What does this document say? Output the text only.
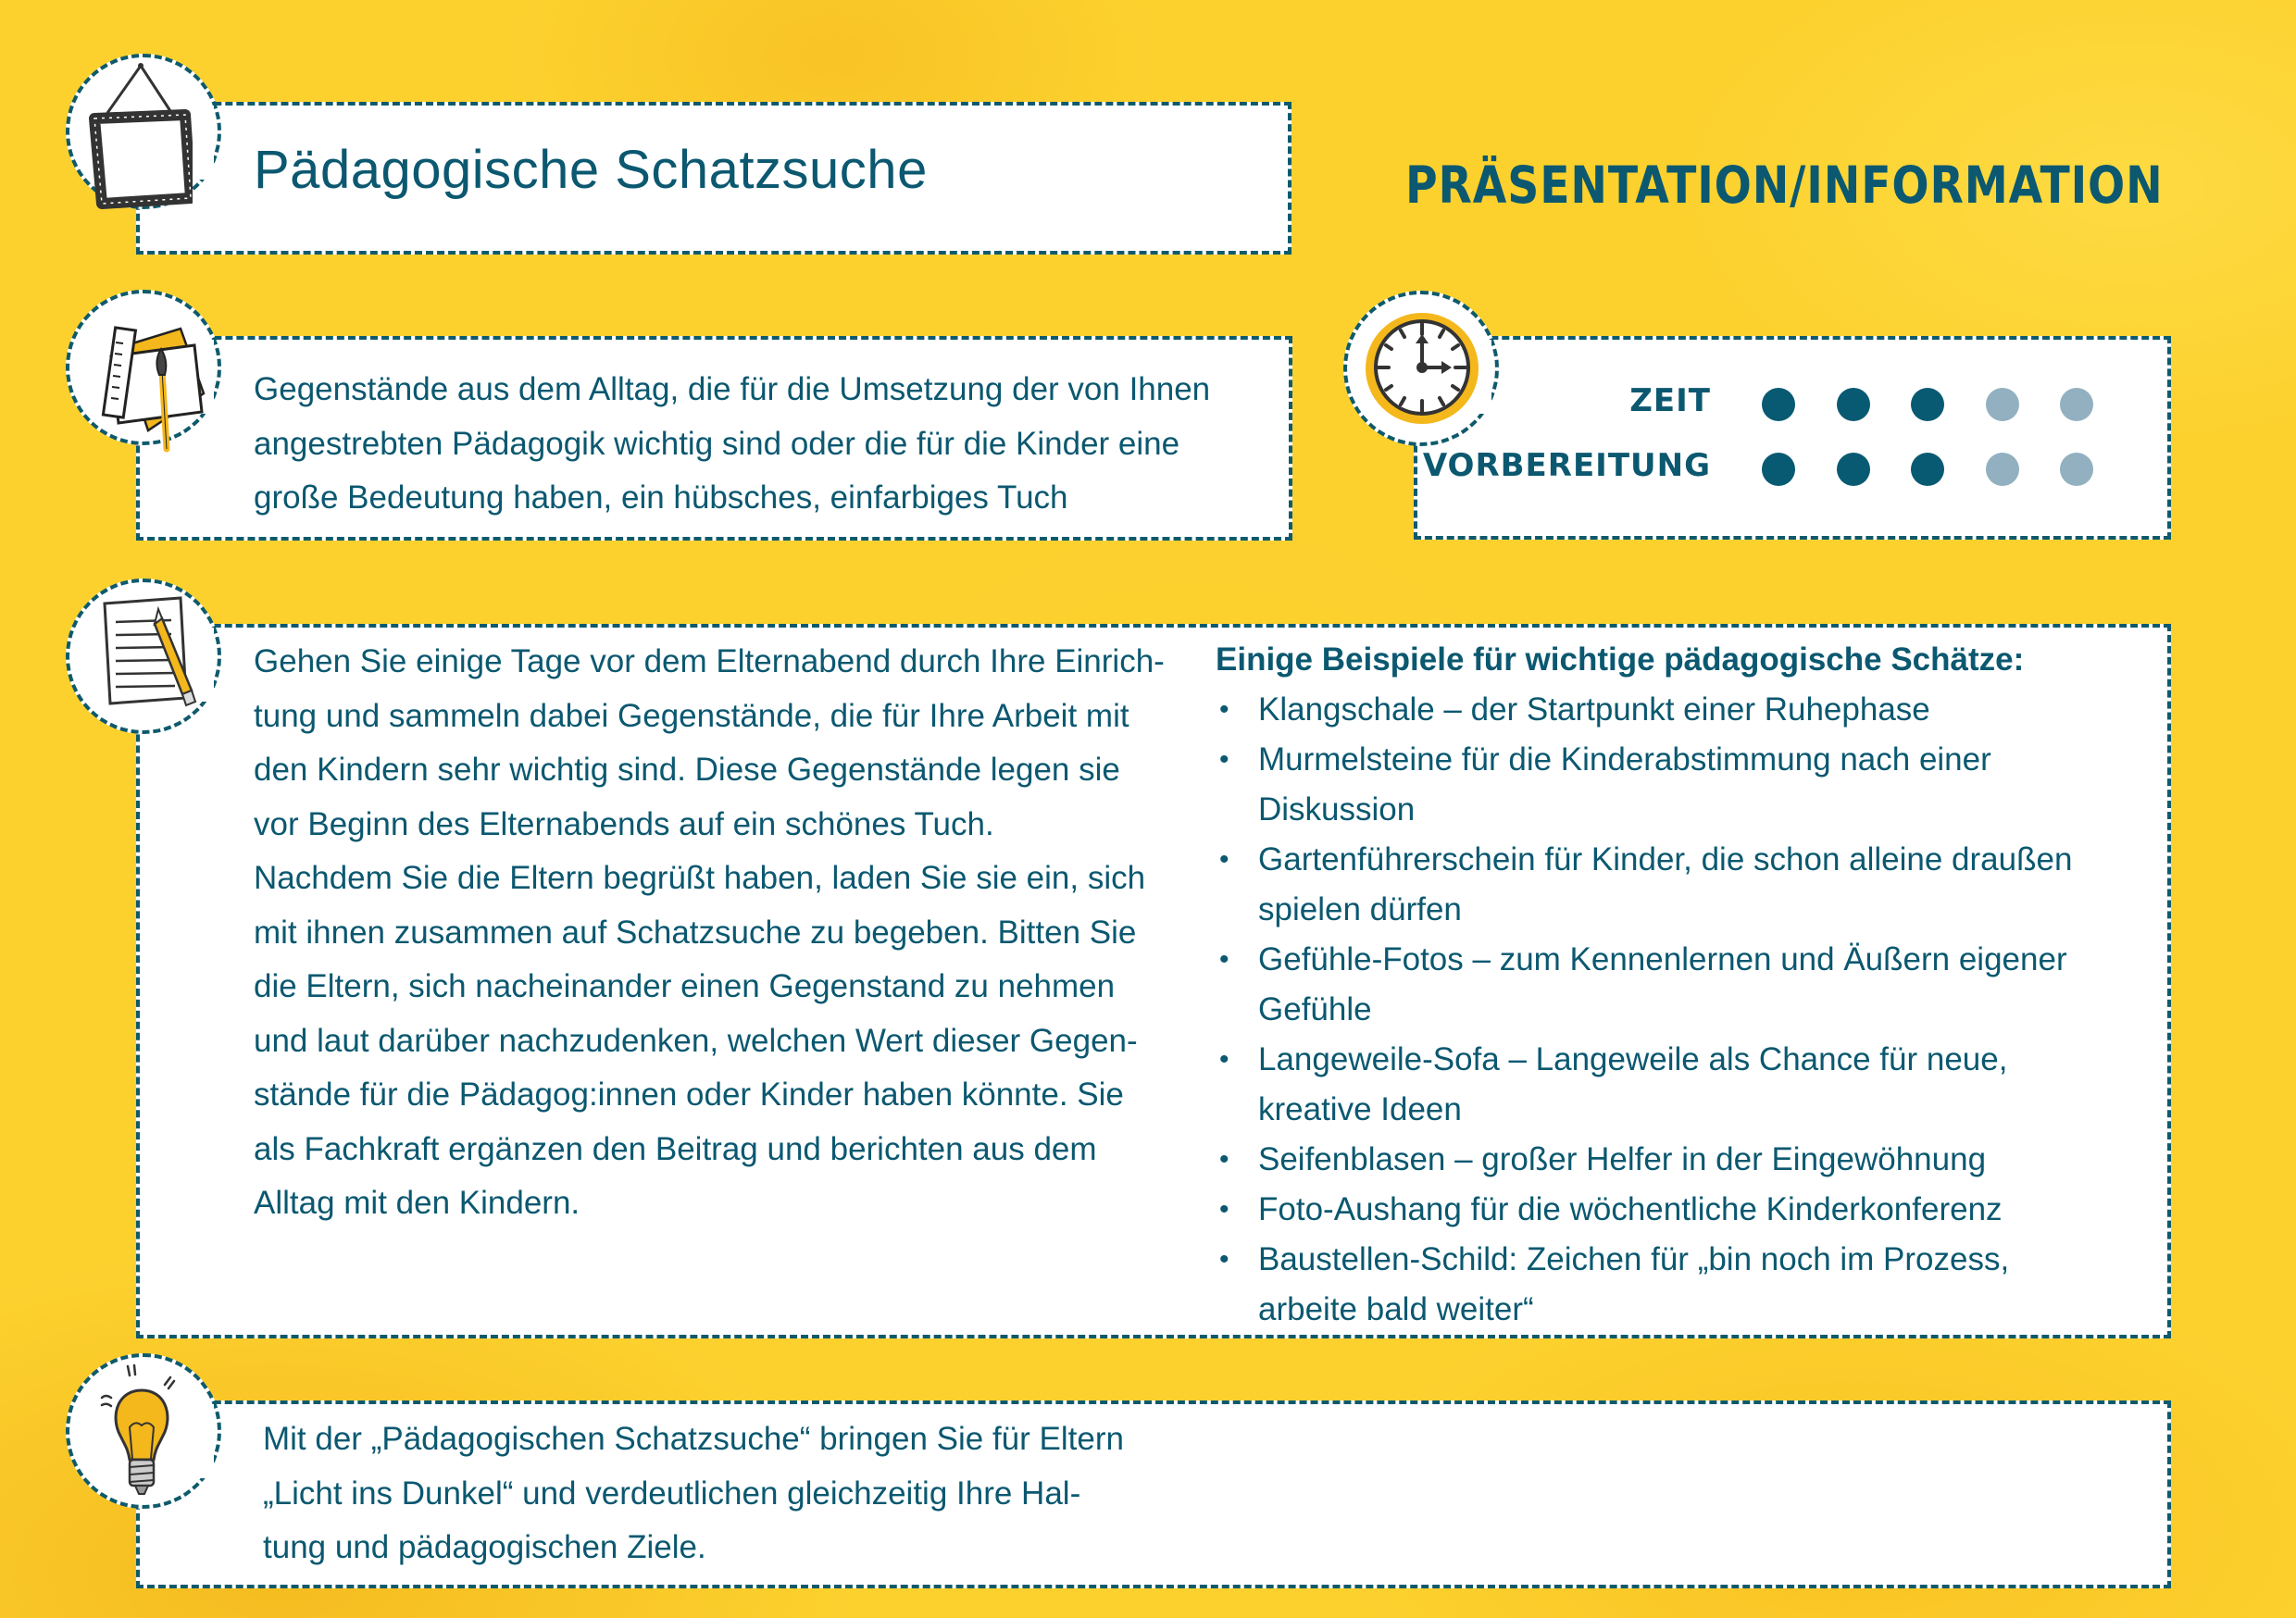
Pädagogische Schatzsuche	PRÄSENTATION/INFORMATION
Gegenstände aus dem Alltag, die für die Umsetzung der von Ihnen
angestrebten Pädagogik wichtig sind oder die für die Kinder eine
große Bedeutung haben, ein hübsches, einfarbiges Tuch
ZEIT
VORBEREITUNG
Gehen Sie einige Tage vor dem Elternabend durch Ihre Einrich-
tung und sammeln dabei Gegenstände, die für Ihre Arbeit mit
den Kindern sehr wichtig sind. Diese Gegenstände legen sie
vor Beginn des Elternabends auf ein schönes Tuch.
Nachdem Sie die Eltern begrüßt haben, laden Sie sie ein, sich
mit ihnen zusammen auf Schatzsuche zu begeben. Bitten Sie
die Eltern, sich nacheinander einen Gegenstand zu nehmen
und laut darüber nachzudenken, welchen Wert dieser Gegen-
stände für die Pädagog:innen oder Kinder haben könnte. Sie
als Fachkraft ergänzen den Beitrag und berichten aus dem
Alltag mit den Kindern.
Einige Beispiele für wichtige pädagogische Schätze:
• Klangschale – der Startpunkt einer Ruhephase
• Murmelsteine für die Kinderabstimmung nach einer
Diskussion
• Gartenführerschein für Kinder, die schon alleine draußen
spielen dürfen
• Gefühle-Fotos – zum Kennenlernen und Äußern eigener
Gefühle
• Langeweile-Sofa – Langeweile als Chance für neue,
kreative Ideen
• Seifenblasen – großer Helfer in der Eingewöhnung
• Foto-Aushang für die wöchentliche Kinderkonferenz
• Baustellen-Schild: Zeichen für „bin noch im Prozess,
arbeite bald weiter“
Mit der „Pädagogischen Schatzsuche“ bringen Sie für Eltern
„Licht ins Dunkel“ und verdeutlichen gleichzeitig Ihre Hal-
tung und pädagogischen Ziele.
